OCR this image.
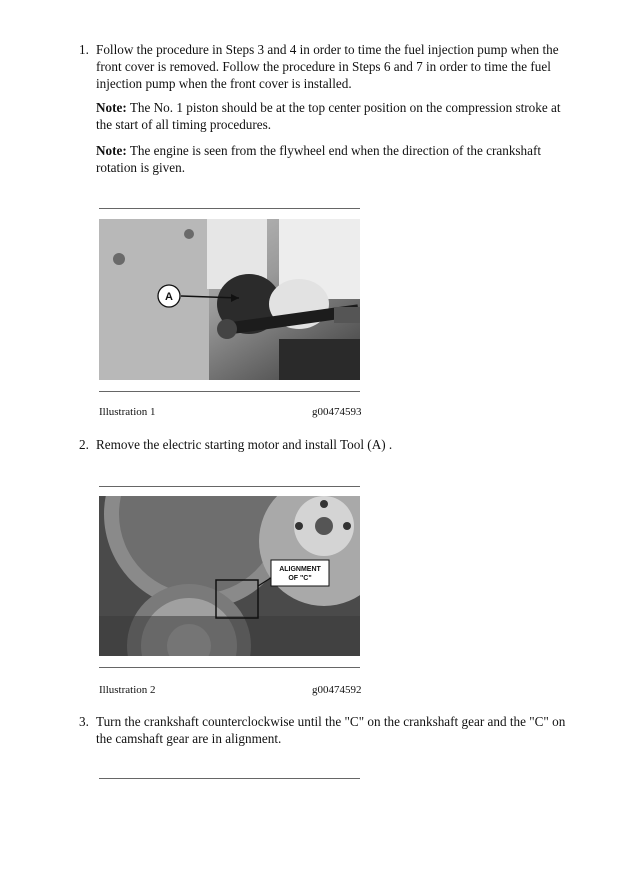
1. Follow the procedure in Steps 3 and 4 in order to time the fuel injection pump when the front cover is removed. Follow the procedure in Steps 6 and 7 in order to time the fuel injection pump when the front cover is installed.
Note: The No. 1 piston should be at the top center position on the compression stroke at the start of all timing procedures.
Note: The engine is seen from the flywheel end when the direction of the crankshaft rotation is given.
A
Illustration 1	g00474593
2. Remove the electric starting motor and install Tool (A) .
ALIGNMENT
OF "C"
Illustration 2	g00474592
3. Turn the crankshaft counterclockwise until the "C" on the crankshaft gear and the "C" on the camshaft gear are in alignment.
